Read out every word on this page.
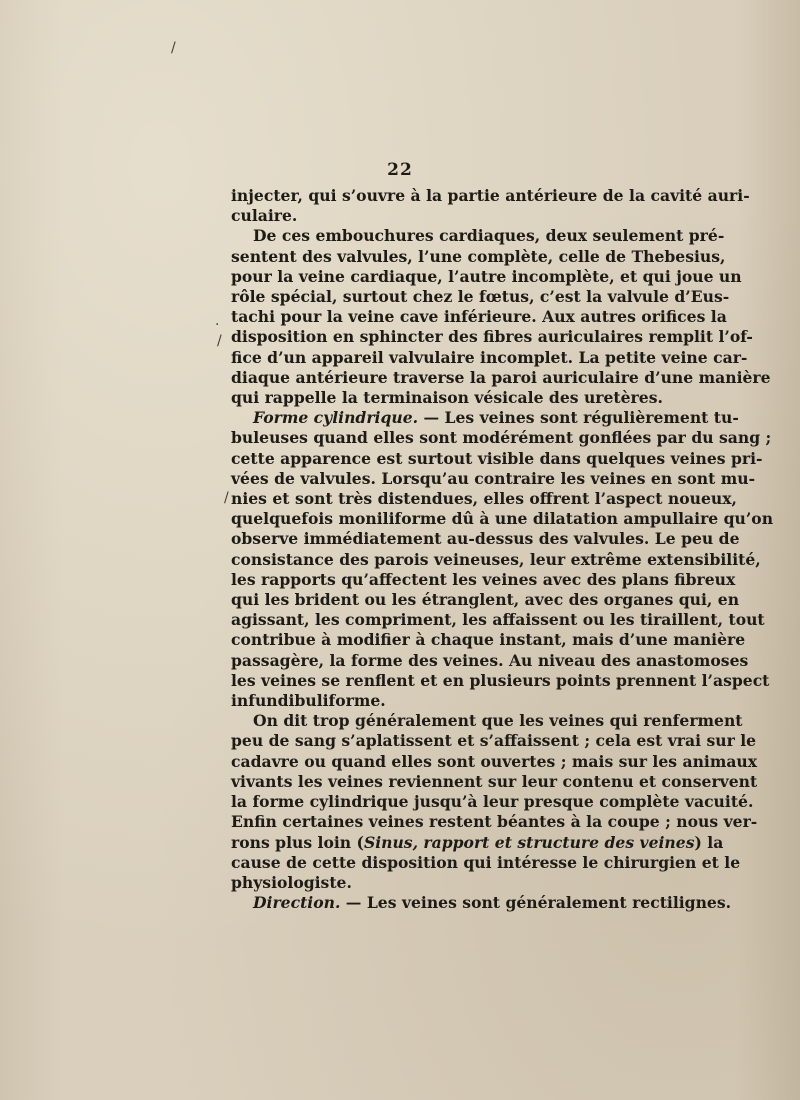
22
/
.
/
/
injecter, qui s’ouvre à la partie antérieure de la cavité auri-
culaire.
De ces embouchures cardiaques, deux seulement pré-
sentent des valvules, l’une complète, celle de Thebesius,
pour la veine cardiaque, l’autre incomplète, et qui joue un
rôle spécial, surtout chez le fœtus, c’est la valvule d’Eus-
tachi pour la veine cave inférieure. Aux autres orifices la
disposition en sphincter des fibres auriculaires remplit l’of-
fice d’un appareil valvulaire incomplet. La petite veine car-
diaque antérieure traverse la paroi auriculaire d’une manière
qui rappelle la terminaison vésicale des uretères.
Forme cylindrique. — Les veines sont régulièrement tu-
buleuses quand elles sont modérément gonflées par du sang ;
cette apparence est surtout visible dans quelques veines pri-
vées de valvules. Lorsqu’au contraire les veines en sont mu-
nies et sont très distendues, elles offrent l’aspect noueux,
quelquefois moniliforme dû à une dilatation ampullaire qu’on
observe immédiatement au-dessus des valvules. Le peu de
consistance des parois veineuses, leur extrême extensibilité,
les rapports qu’affectent les veines avec des plans fibreux
qui les brident ou les étranglent, avec des organes qui, en
agissant, les compriment, les affaissent ou les tiraillent, tout
contribue à modifier à chaque instant, mais d’une manière
passagère, la forme des veines. Au niveau des anastomoses
les veines se renflent et en plusieurs points prennent l’aspect
infundibuliforme.
On dit trop généralement que les veines qui renferment
peu de sang s’aplatissent et s’affaissent ; cela est vrai sur le
cadavre ou quand elles sont ouvertes ; mais sur les animaux
vivants les veines reviennent sur leur contenu et conservent
la forme cylindrique jusqu’à leur presque complète vacuité.
Enfin certaines veines restent béantes à la coupe ; nous ver-
rons plus loin (Sinus, rapport et structure des veines) la
cause de cette disposition qui intéresse le chirurgien et le
physiologiste.
Direction. — Les veines sont généralement rectilignes.
